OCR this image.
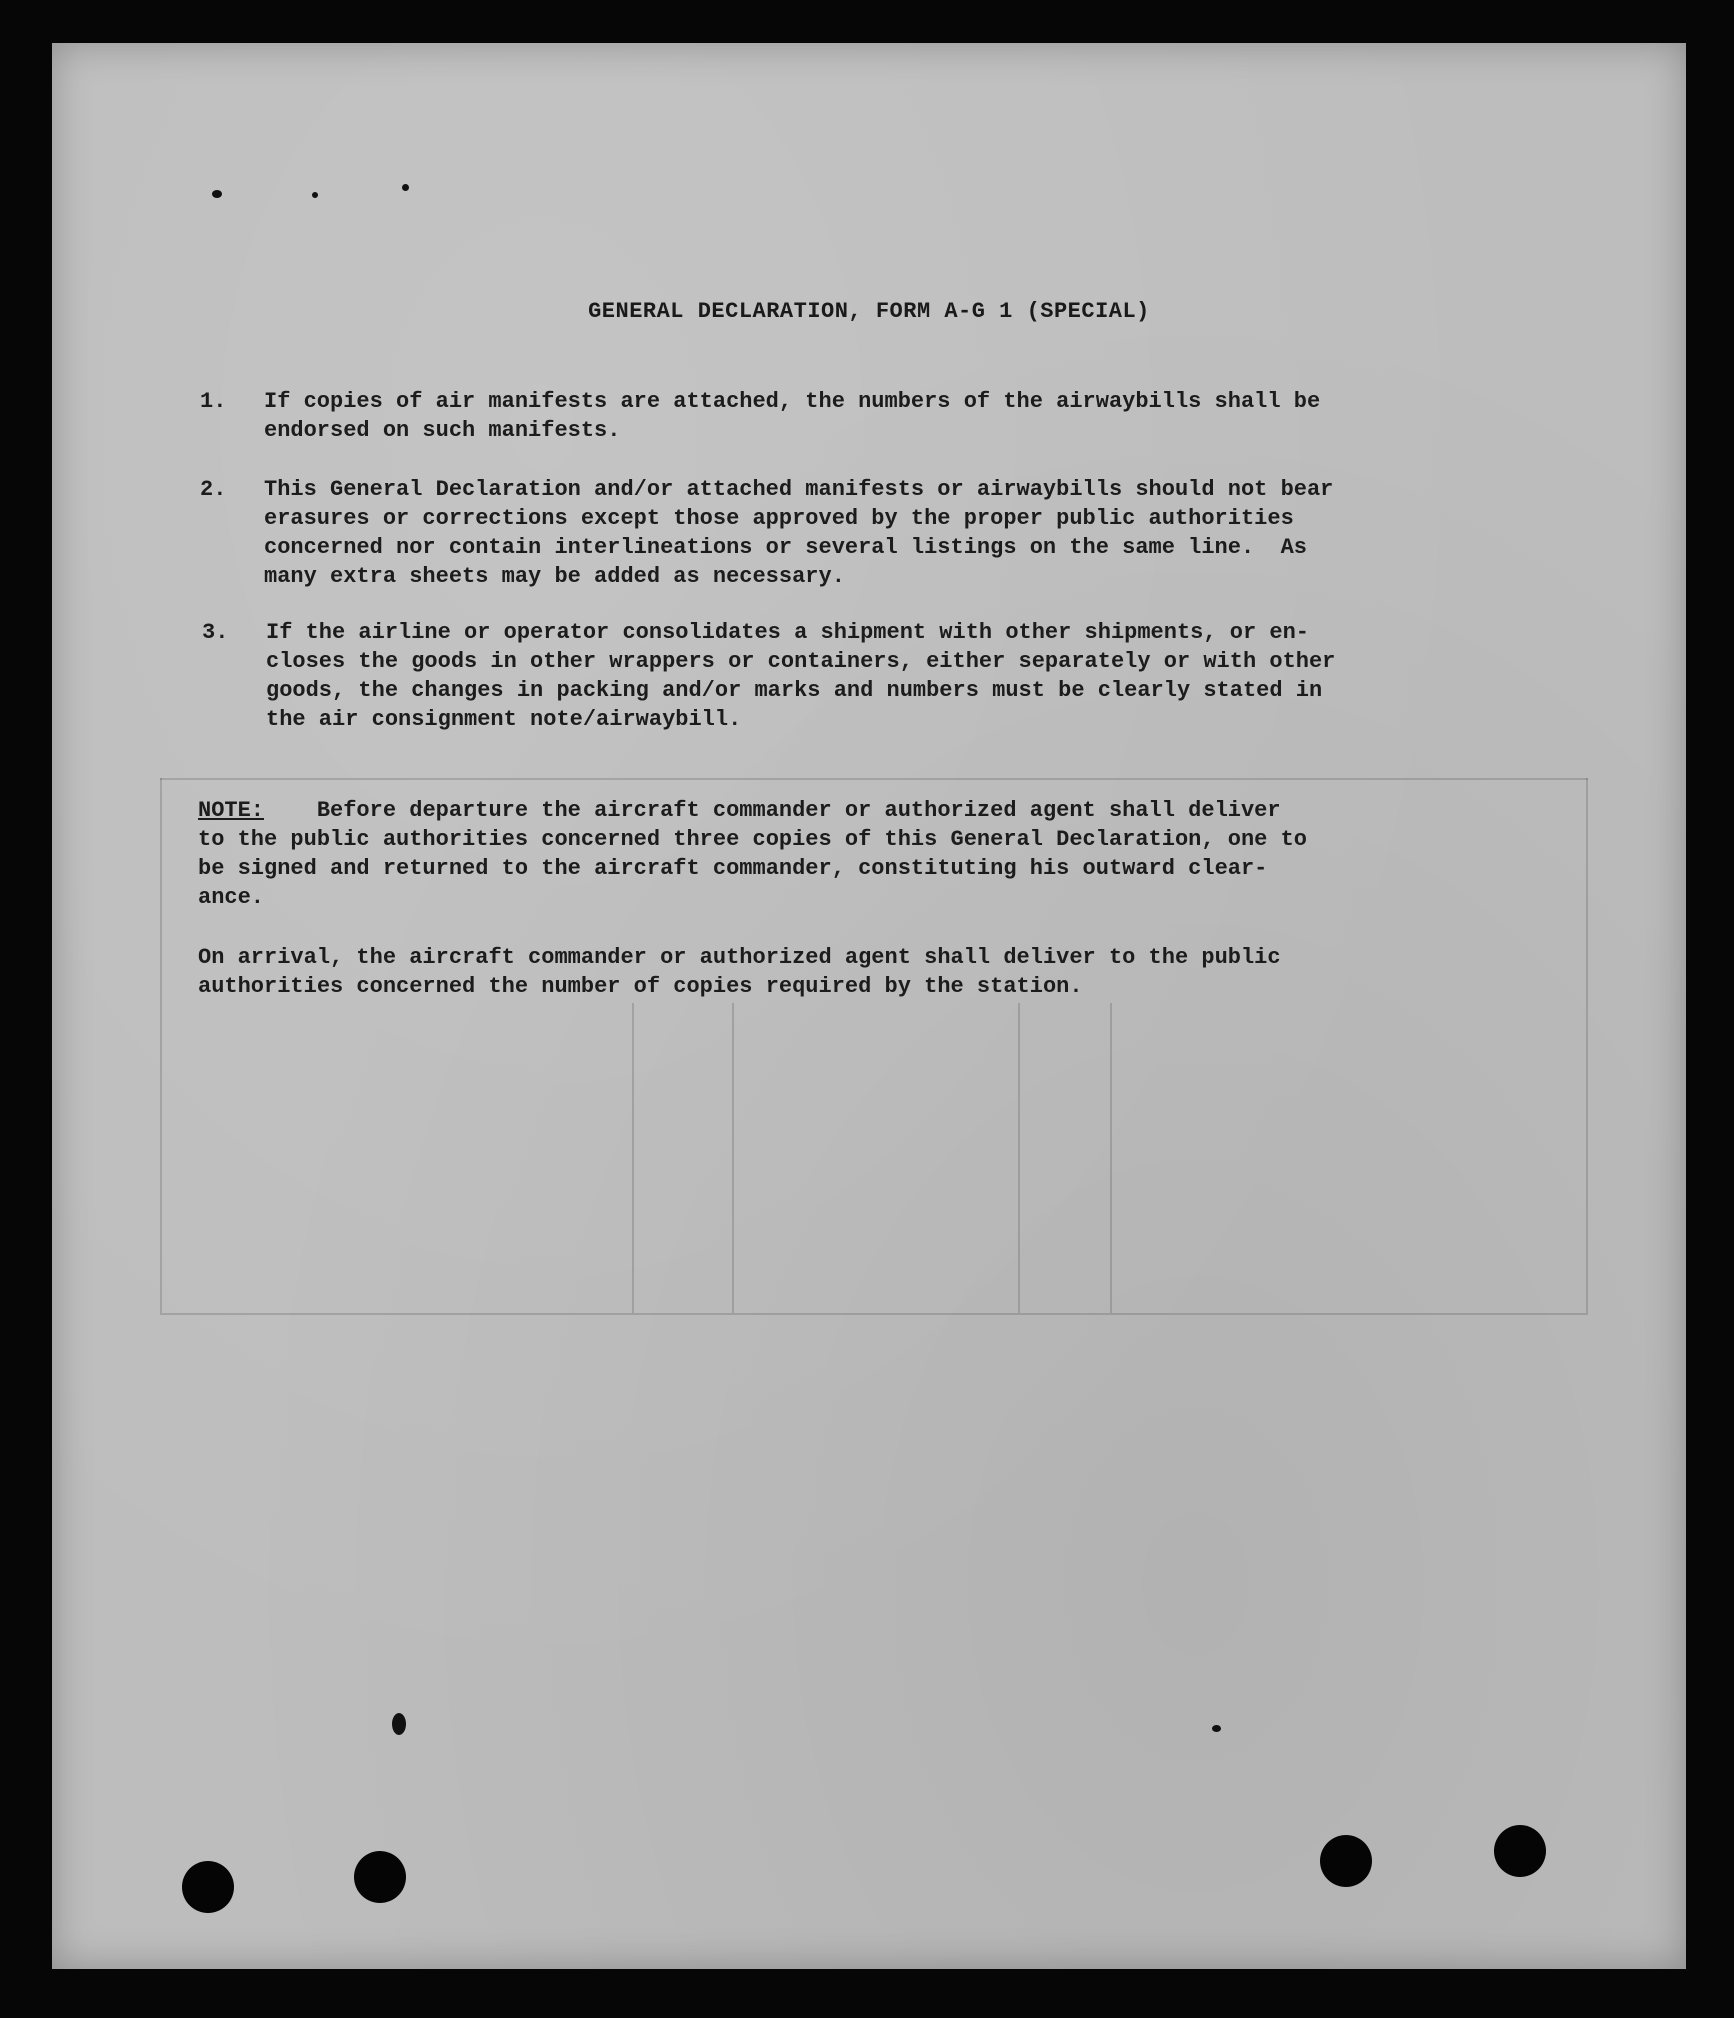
GENERAL DECLARATION, FORM A-G 1 (SPECIAL)
1. If copies of air manifests are attached, the numbers of the airwaybills shall be
endorsed on such manifests.

2. This General Declaration and/or attached manifests or airwaybills should not bear
erasures or corrections except those approved by the proper public authorities
concerned nor contain interlineations or several listings on the same line.  As
many extra sheets may be added as necessary.

3. If the airline or operator consolidates a shipment with other shipments, or en-
closes the goods in other wrappers or containers, either separately or with other
goods, the changes in packing and/or marks and numbers must be clearly stated in
the air consignment note/airwaybill.

NOTE:    Before departure the aircraft commander or authorized agent shall deliver
to the public authorities concerned three copies of this General Declaration, one to
be signed and returned to the aircraft commander, constituting his outward clear-
ance.

On arrival, the aircraft commander or authorized agent shall deliver to the public
authorities concerned the number of copies required by the station.
